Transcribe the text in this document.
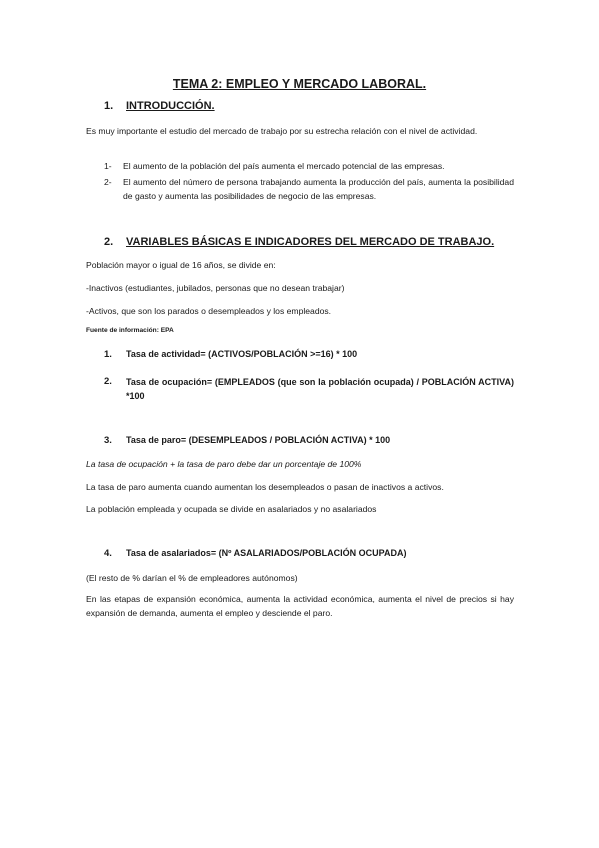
TEMA 2: EMPLEO Y MERCADO LABORAL.
1. INTRODUCCIÓN.

Es muy importante el estudio del mercado de trabajo por su estrecha relación con el nivel de actividad.

1- El aumento de la población del país aumenta el mercado potencial de las empresas.
2- El aumento del número de persona trabajando aumenta la producción del país, aumenta la posibilidad de gasto y aumenta las posibilidades de negocio de las empresas.
2. VARIABLES BÁSICAS E INDICADORES DEL MERCADO DE TRABAJO.

Población mayor o igual de 16 años, se divide en:

-Inactivos (estudiantes, jubilados, personas que no desean trabajar)

-Activos, que son los parados o desempleados y los empleados.

Fuente de información: EPA

1. Tasa de actividad= (ACTIVOS/POBLACIÓN >=16) * 100
2.	Tasa de ocupación= (EMPLEADOS (que son la población ocupada) / POBLACIÓN ACTIVA) *100
3. Tasa de paro= (DESEMPLEADOS / POBLACIÓN ACTIVA) * 100

La tasa de ocupación + la tasa de paro debe dar un porcentaje de 100%

La tasa de paro aumenta cuando aumentan los desempleados o pasan de inactivos a activos.

La población empleada y ocupada se divide en asalariados y no asalariados

4. Tasa de asalariados= (Nº ASALARIADOS/POBLACIÓN OCUPADA)

(El resto de % darían el % de empleadores autónomos)

En las etapas de expansión económica, aumenta la actividad económica, aumenta el nivel de precios si hay expansión de demanda, aumenta el empleo y desciende el paro.
